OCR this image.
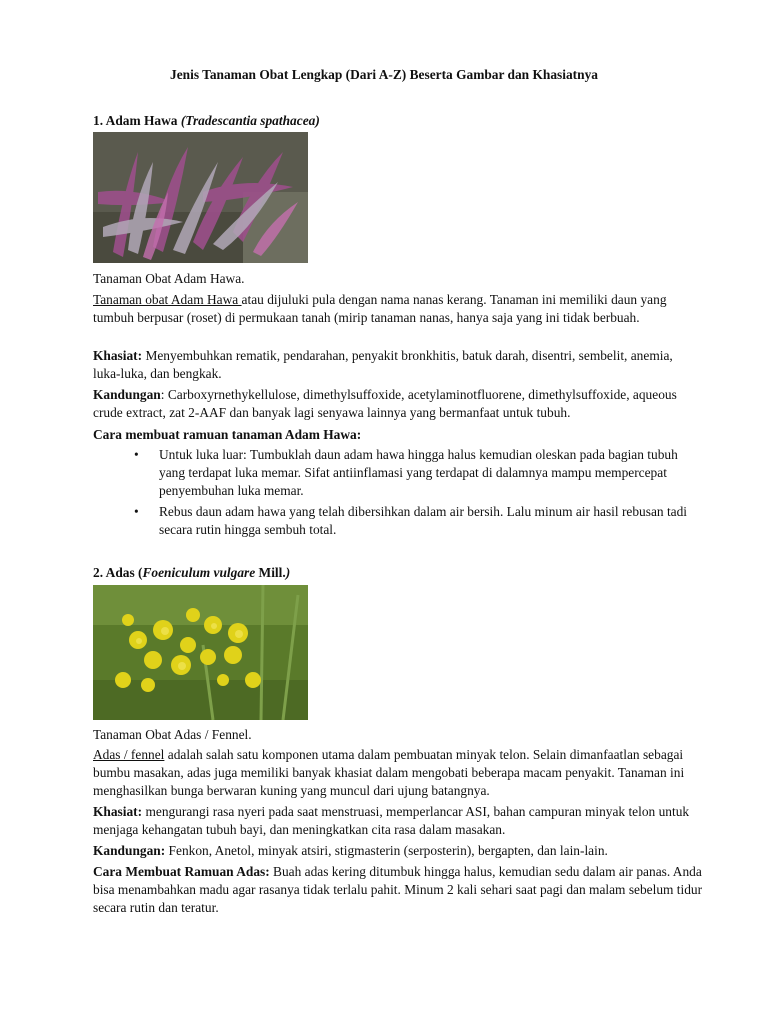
Jenis Tanaman Obat Lengkap (Dari A-Z) Beserta Gambar dan Khasiatnya
1. Adam Hawa (Tradescantia spathacea)
Tanaman Obat Adam Hawa.
Tanaman obat Adam Hawa atau dijuluki pula dengan nama nanas kerang. Tanaman ini memiliki daun yang tumbuh berpusar (roset) di permukaan tanah (mirip tanaman nanas, hanya saja yang ini tidak berbuah.
Khasiat: Menyembuhkan rematik, pendarahan, penyakit bronkhitis, batuk darah, disentri, sembelit, anemia, luka-luka, dan bengkak.
Kandungan: Carboxyrnethykellulose, dimethylsuffoxide, acetylaminotfluorene, dimethylsuffoxide, aqueous crude extract, zat 2-AAF dan banyak lagi senyawa lainnya yang bermanfaat untuk tubuh.
Cara membuat ramuan tanaman Adam Hawa:
• Untuk luka luar: Tumbuklah daun adam hawa hingga halus kemudian oleskan pada bagian tubuh yang terdapat luka memar. Sifat antiinflamasi yang terdapat di dalamnya mampu mempercepat penyembuhan luka memar.
• Rebus daun adam hawa yang telah dibersihkan dalam air bersih. Lalu minum air hasil rebusan tadi secara rutin hingga sembuh total.
2. Adas (Foeniculum vulgare Mill.)
Tanaman Obat Adas / Fennel.
Adas / fennel adalah salah satu komponen utama dalam pembuatan minyak telon. Selain dimanfaatlan sebagai bumbu masakan, adas juga memiliki banyak khasiat dalam mengobati beberapa macam penyakit. Tanaman ini menghasilkan bunga berwaran kuning yang muncul dari ujung batangnya.
Khasiat: mengurangi rasa nyeri pada saat menstruasi, memperlancar ASI, bahan campuran minyak telon untuk menjaga kehangatan tubuh bayi, dan meningkatkan cita rasa dalam masakan.
Kandungan: Fenkon, Anetol, minyak atsiri, stigmasterin (serposterin), bergapten, dan lain-lain.
Cara Membuat Ramuan Adas: Buah adas kering ditumbuk hingga halus, kemudian sedu dalam air panas. Anda bisa menambahkan madu agar rasanya tidak terlalu pahit. Minum 2 kali sehari saat pagi dan malam sebelum tidur secara rutin dan teratur.
